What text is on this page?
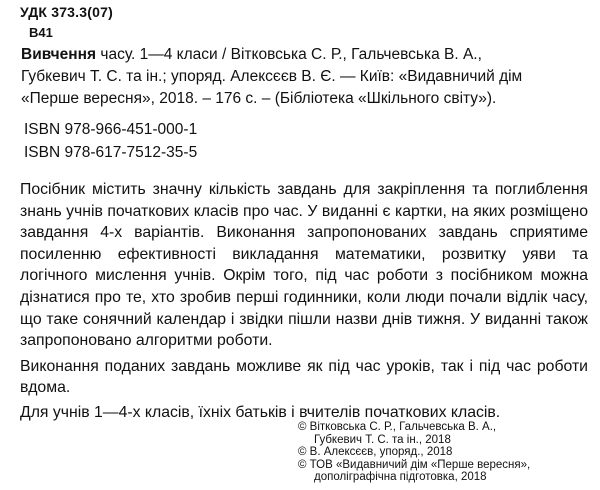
УДК 373.3(07)
В41
Вивчення часу. 1—4 класи / Вітковська С. Р., Гальчевська В. А.,
Губкевич Т. С. та ін.; упоряд. Алексєєв В. Є. — Київ: «Видавничий дім
«Перше вересня», 2018. – 176 с. – (Бібліотека «Шкільного світу»).
ISBN 978-966-451-000-1
ISBN 978-617-7512-35-5

Посібник містить значну кількість завдань для закріплення та поглиблення знань учнів початкових класів про час. У виданні є картки, на яких розміщено завдання 4-х варіантів. Виконання запропонованих завдань сприятиме посиленню ефективності викладання математики, розвитку уяви та логічного мислення учнів. Окрім того, під час роботи з посібником можна дізнатися про те, хто зробив перші годинники, коли люди почали відлік часу, що таке сонячний календар і звідки пішли назви днів тижня. У виданні також запропоновано алгоритми роботи.

Виконання поданих завдань можливе як під час уроків, так і під час роботи вдома.

Для учнів 1—4-х класів, їхніх батьків і вчителів початкових класів.
© Вітковська С. Р., Гальчевська В. А.,
Губкевич Т. С. та ін., 2018
© В. Алексєєв, упоряд., 2018
© ТОВ «Видавничий дім «Перше вересня»,
дополіграфічна підготовка, 2018
